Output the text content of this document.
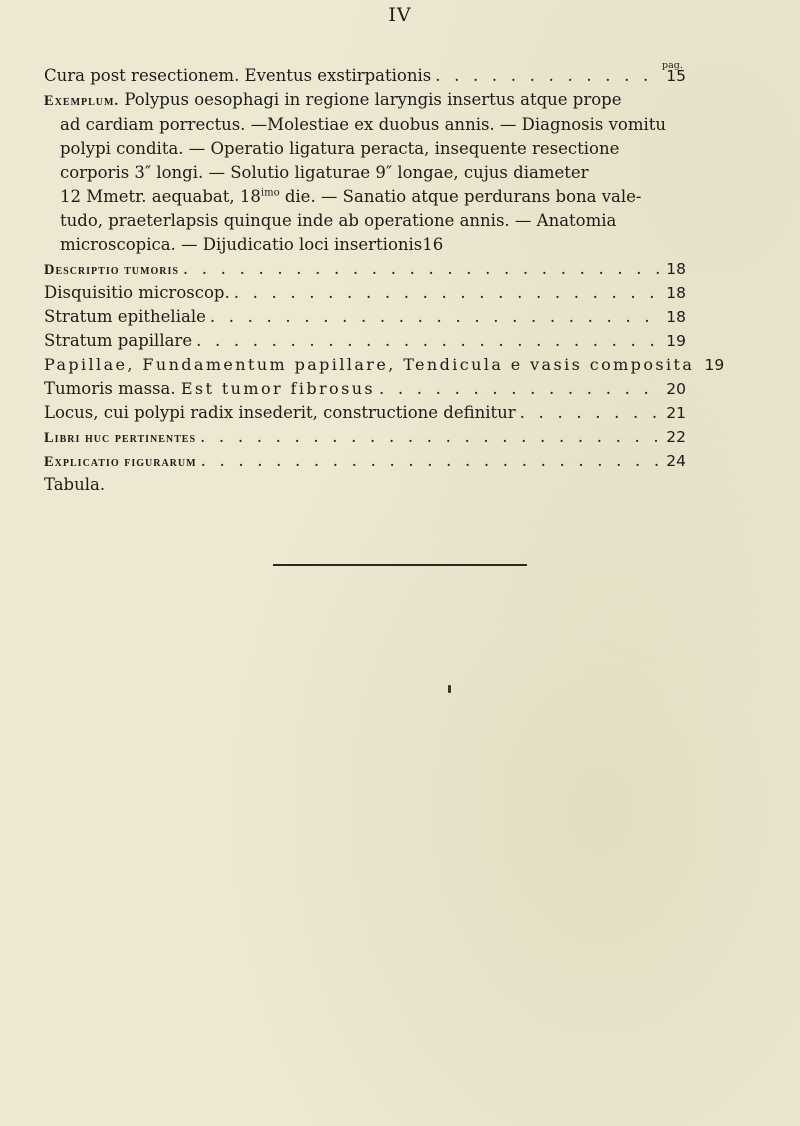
IV
pag.
Cura post resectionem. Eventus exstirpationis . . .	15
Exemplum. Polypus oesophagi in regione laryngis insertus atque prope
ad cardiam porrectus. —Molestiae ex duobus annis. — Diagnosis vomitu
polypi condita. — Operatio ligatura peracta, insequente resectione
corporis 3″ longi. — Solutio ligaturae 9″ longae, cujus diameter
12 Mmetr. aequabat, $18^{imo}$ die. — Sanatio atque perdurans bona vale-
tudo, praeterlapsis quinque inde ab operatione annis. — Anatomia
microscopica. — Dijudicatio loci insertionis 16
Descriptio tumoris . . .	18
Disquisitio microscop. . . .	18
Stratum epitheliale . . .	18
Stratum papillare . . .	19
Papillae, Fundamentum papillare, Tendicula e vasis composita . . . 19
Tumoris massa. Est tumor fibrosus . . .	20
Locus, cui polypi radix insederit, constructione definitur . . .	21
Libri huc pertinentes . . .	22
Explicatio figurarum . . .	24
Tabula.
